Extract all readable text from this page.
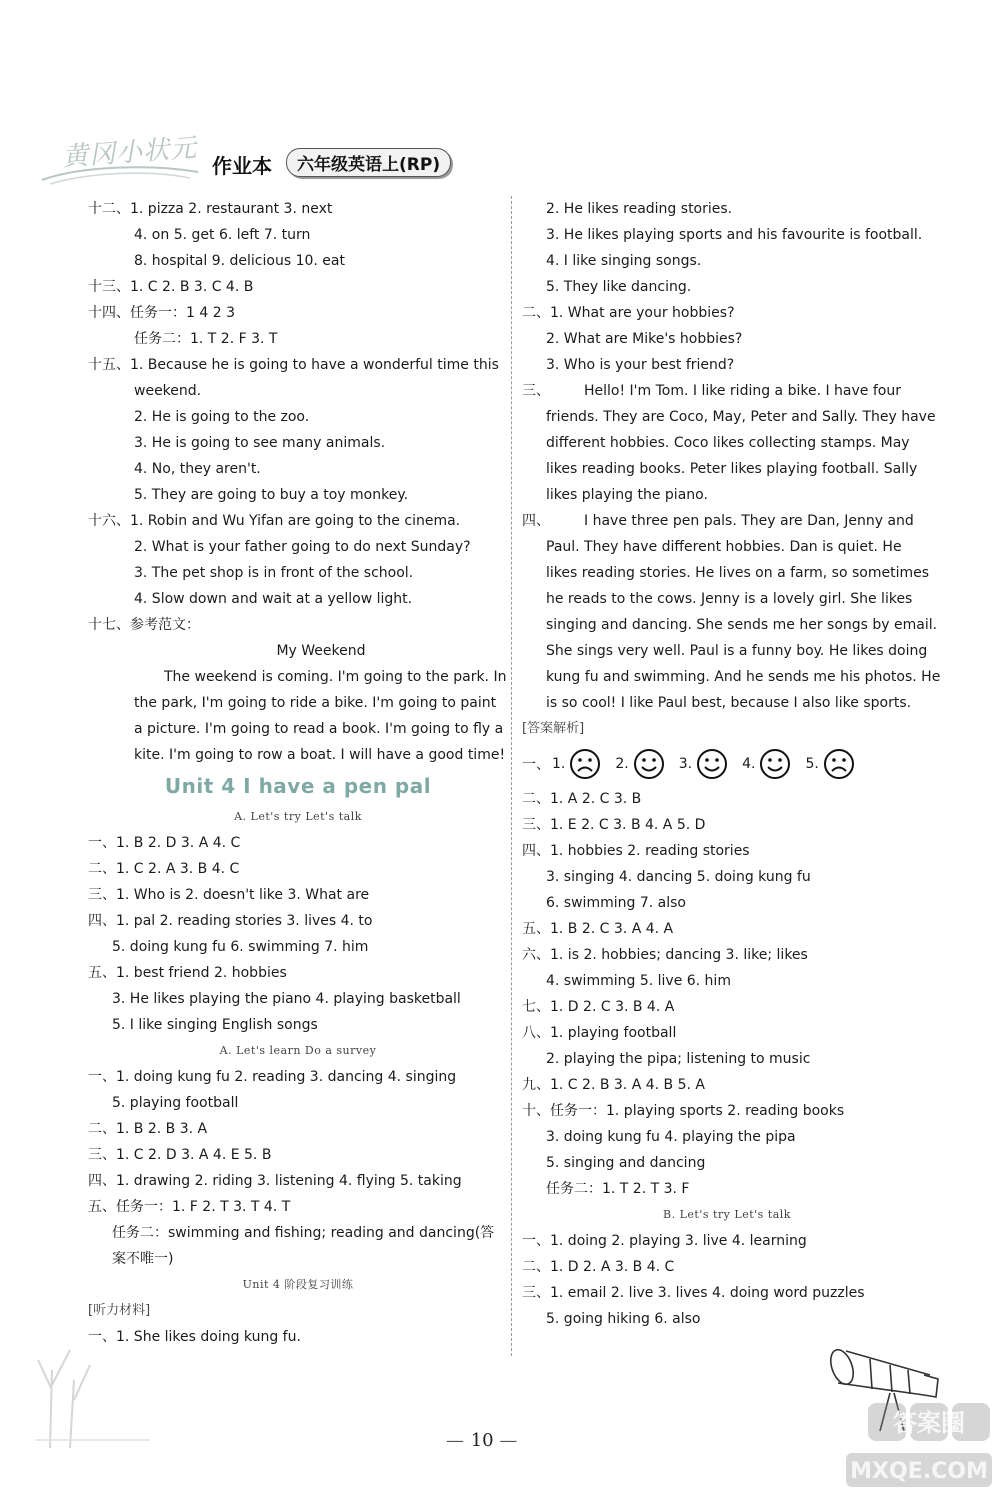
黄冈小状元 作业本	六年级英语上(RP)
十二、1. pizza 2. restaurant 3. next
4. on 5. get 6. left 7. turn
8. hospital 9. delicious 10. eat
十三、1. C 2. B 3. C 4. B
十四、任务一：1 4 2 3
任务二：1. T 2. F 3. T
十五、1. Because he is going to have a wonderful time this
weekend.
2. He is going to the zoo.
3. He is going to see many animals.
4. No, they aren't.
5. They are going to buy a toy monkey.
十六、1. Robin and Wu Yifan are going to the cinema.
2. What is your father going to do next Sunday?
3. The pet shop is in front of the school.
4. Slow down and wait at a yellow light.
十七、参考范文：
My Weekend
The weekend is coming. I'm going to the park. In
the park, I'm going to ride a bike. I'm going to paint
a picture. I'm going to read a book. I'm going to fly a
kite. I'm going to row a boat. I will have a good time!
Unit 4 I have a pen pal
A. Let's try Let's talk
一、1. B 2. D 3. A 4. C
二、1. C 2. A 3. B 4. C
三、1. Who is 2. doesn't like 3. What are
四、1. pal 2. reading stories 3. lives 4. to
5. doing kung fu 6. swimming 7. him
五、1. best friend 2. hobbies
3. He likes playing the piano 4. playing basketball
5. I like singing English songs
A. Let's learn Do a survey
一、1. doing kung fu 2. reading 3. dancing 4. singing
5. playing football
二、1. B 2. B 3. A
三、1. C 2. D 3. A 4. E 5. B
四、1. drawing 2. riding 3. listening 4. flying 5. taking
五、任务一：1. F 2. T 3. T 4. T
任务二：swimming and fishing; reading and dancing(答
案不唯一)
Unit 4 阶段复习训练
[听力材料]
一、1. She likes doing kung fu.
2. He likes reading stories.
3. He likes playing sports and his favourite is football.
4. I like singing songs.
5. They like dancing.
二、1. What are your hobbies?
2. What are Mike's hobbies?
3. Who is your best friend?
三、 Hello! I'm Tom. I like riding a bike. I have four
friends. They are Coco, May, Peter and Sally. They have
different hobbies. Coco likes collecting stamps. May
likes reading books. Peter likes playing football. Sally
likes playing the piano.
四、 I have three pen pals. They are Dan, Jenny and
Paul. They have different hobbies. Dan is quiet. He
likes reading stories. He lives on a farm, so sometimes
he reads to the cows. Jenny is a lovely girl. She likes
singing and dancing. She sends me her songs by email.
She sings very well. Paul is a funny boy. He likes doing
kung fu and swimming. And he sends me his photos. He
is so cool! I like Paul best, because I also like sports.
[答案解析]
一、 1.	2.	3.	4.	5.
二、1. A 2. C 3. B
三、1. E 2. C 3. B 4. A 5. D
四、1. hobbies 2. reading stories
3. singing 4. dancing 5. doing kung fu
6. swimming 7. also
五、1. B 2. C 3. A 4. A
六、1. is 2. hobbies; dancing 3. like; likes
4. swimming 5. live 6. him
七、1. D 2. C 3. B 4. A
八、1. playing football
2. playing the pipa; listening to music
九、1. C 2. B 3. A 4. B 5. A
十、任务一：1. playing sports 2. reading books
3. doing kung fu 4. playing the pipa
5. singing and dancing
任务二：1. T 2. T 3. F
B. Let's try Let's talk
一、1. doing 2. playing 3. live 4. learning
二、1. D 2. A 3. B 4. C
三、1. email 2. live 3. lives 4. doing word puzzles
5. going hiking 6. also
MXQE.COM
答案圈
— 10 —
